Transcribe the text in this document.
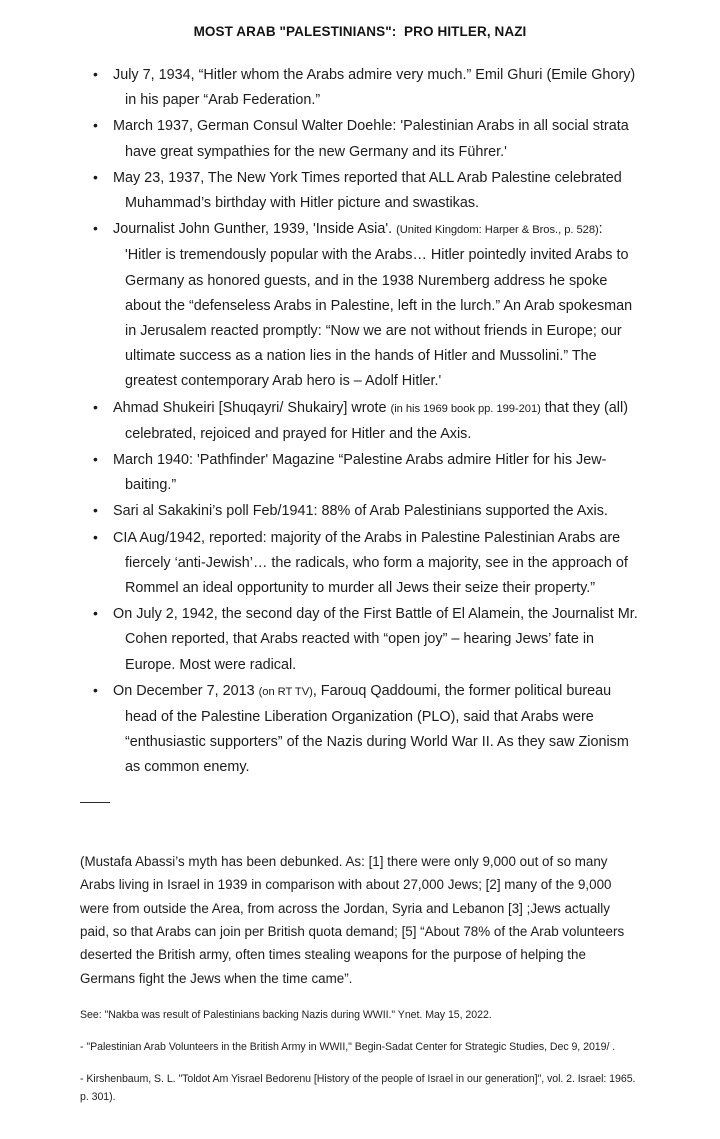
MOST ARAB "PALESTINIANS":  PRO HITLER, NAZI
• July 7, 1934, “Hitler whom the Arabs admire very much.” Emil Ghuri (Emile Ghory) in his paper “Arab Federation.”
• March 1937, German Consul Walter Doehle: 'Palestinian Arabs in all social strata have great sympathies for the new Germany and its Führer.'
• May 23, 1937, The New York Times reported that ALL Arab Palestine celebrated Muhammad’s birthday with Hitler picture and swastikas.
• Journalist John Gunther, 1939, 'Inside Asia'. (United Kingdom: Harper & Bros., p. 528): 'Hitler is tremendously popular with the Arabs… Hitler pointedly invited Arabs to Germany as honored guests, and in the 1938 Nuremberg address he spoke about the “defenseless Arabs in Palestine, left in the lurch.” An Arab spokesman in Jerusalem reacted promptly: “Now we are not without friends in Europe; our ultimate success as a nation lies in the hands of Hitler and Mussolini.” The greatest contemporary Arab hero is – Adolf Hitler.'
• Ahmad Shukeiri [Shuqayri/ Shukairy] wrote (in his 1969 book pp. 199-201) that they (all) celebrated, rejoiced and prayed for Hitler and the Axis.
• March 1940: 'Pathfinder' Magazine “Palestine Arabs admire Hitler for his Jew-baiting.”
• Sari al Sakakini’s poll Feb/1941: 88% of Arab Palestinians supported the Axis.
• CIA Aug/1942, reported: majority of the Arabs in Palestine Palestinian Arabs are fiercely ‘anti-Jewish’… the radicals, who form a majority, see in the approach of Rommel an ideal opportunity to murder all Jews their seize their property.”
• On July 2, 1942, the second day of the First Battle of El Alamein, the Journalist Mr. Cohen reported, that Arabs reacted with “open joy” – hearing Jews’ fate in Europe. Most were radical.
• On December 7, 2013 (on RT TV), Farouq Qaddoumi, the former political bureau head of the Palestine Liberation Organization (PLO), said that Arabs were “enthusiastic supporters” of the Nazis during World War II. As they saw Zionism as common enemy.

(Mustafa Abassi’s myth has been debunked. As: [1] there were only 9,000 out of so many Arabs living in Israel in 1939 in comparison with about 27,000 Jews; [2] many of the 9,000 were from outside the Area, from across the Jordan, Syria and Lebanon [3] ;Jews actually paid, so that Arabs can join per British quota demand; [5] “About 78% of the Arab volunteers deserted the British army, often times stealing weapons for the purpose of helping the Germans fight the Jews when the time came”.

See: "Nakba was result of Palestinians backing Nazis during WWII." Ynet. May 15, 2022.

- "Palestinian Arab Volunteers in the British Army in WWII," Begin-Sadat Center for Strategic Studies, Dec 9, 2019/ .

- Kirshenbaum, S. L. "Toldot Am Yisrael Bedorenu [History of the people of Israel in our generation]", vol. 2. Israel: 1965. p. 301).
